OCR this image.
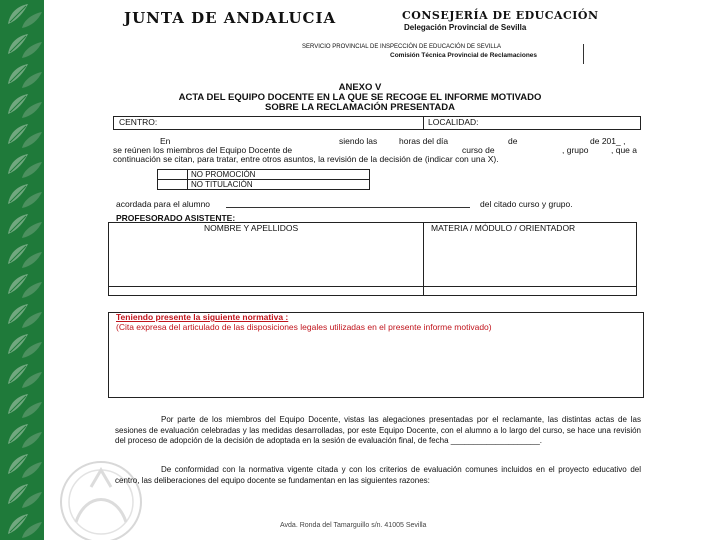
JUNTA DE ANDALUCIA	CONSEJERÍA DE EDUCACIÓN
Delegación Provincial de Sevilla
SERVICIO PROVINCIAL DE INSPECCIÓN DE EDUCACIÓN DE SEVILLA
Comisión Técnica Provincial de Reclamaciones
ANEXO V
ACTA DEL EQUIPO DOCENTE EN LA QUE SE RECOGE EL INFORME MOTIVADO
SOBRE LA RECLAMACIÓN PRESENTADA
CENTRO:	LOCALIDAD:
En	siendo las	horas del día	de	de 201_ ,
se reúnen los miembros del Equipo Docente de	curso de	, grupo	, que a
continuación se citan, para tratar, entre otros asuntos, la revisión de la decisión de (indicar con una X).
NO PROMOCIÓN
NO TITULACIÓN
acordada para el alumno	del citado curso y grupo.
PROFESORADO ASISTENTE:
NOMBRE Y APELLIDOS	MATERIA / MÓDULO / ORIENTADOR
Teniendo presente la siguiente normativa :
(Cita expresa del articulado de las disposiciones legales utilizadas en el presente informe motivado)
Por parte de los miembros del Equipo Docente, vistas las alegaciones presentadas por el reclamante, las distintas actas de las sesiones de evaluación celebradas y las medidas desarrolladas, por este Equipo Docente, con el alumno a lo largo del curso, se hace una revisión del proceso de adopción de la decisión de adoptada en la sesión de evaluación final, de fecha ____________________.
De conformidad con la normativa vigente citada y con los criterios de evaluación comunes incluidos en el proyecto educativo del centro, las deliberaciones del equipo docente se fundamentan en las siguientes razones:
Avda. Ronda del Tamarguillo s/n. 41005 Sevilla
